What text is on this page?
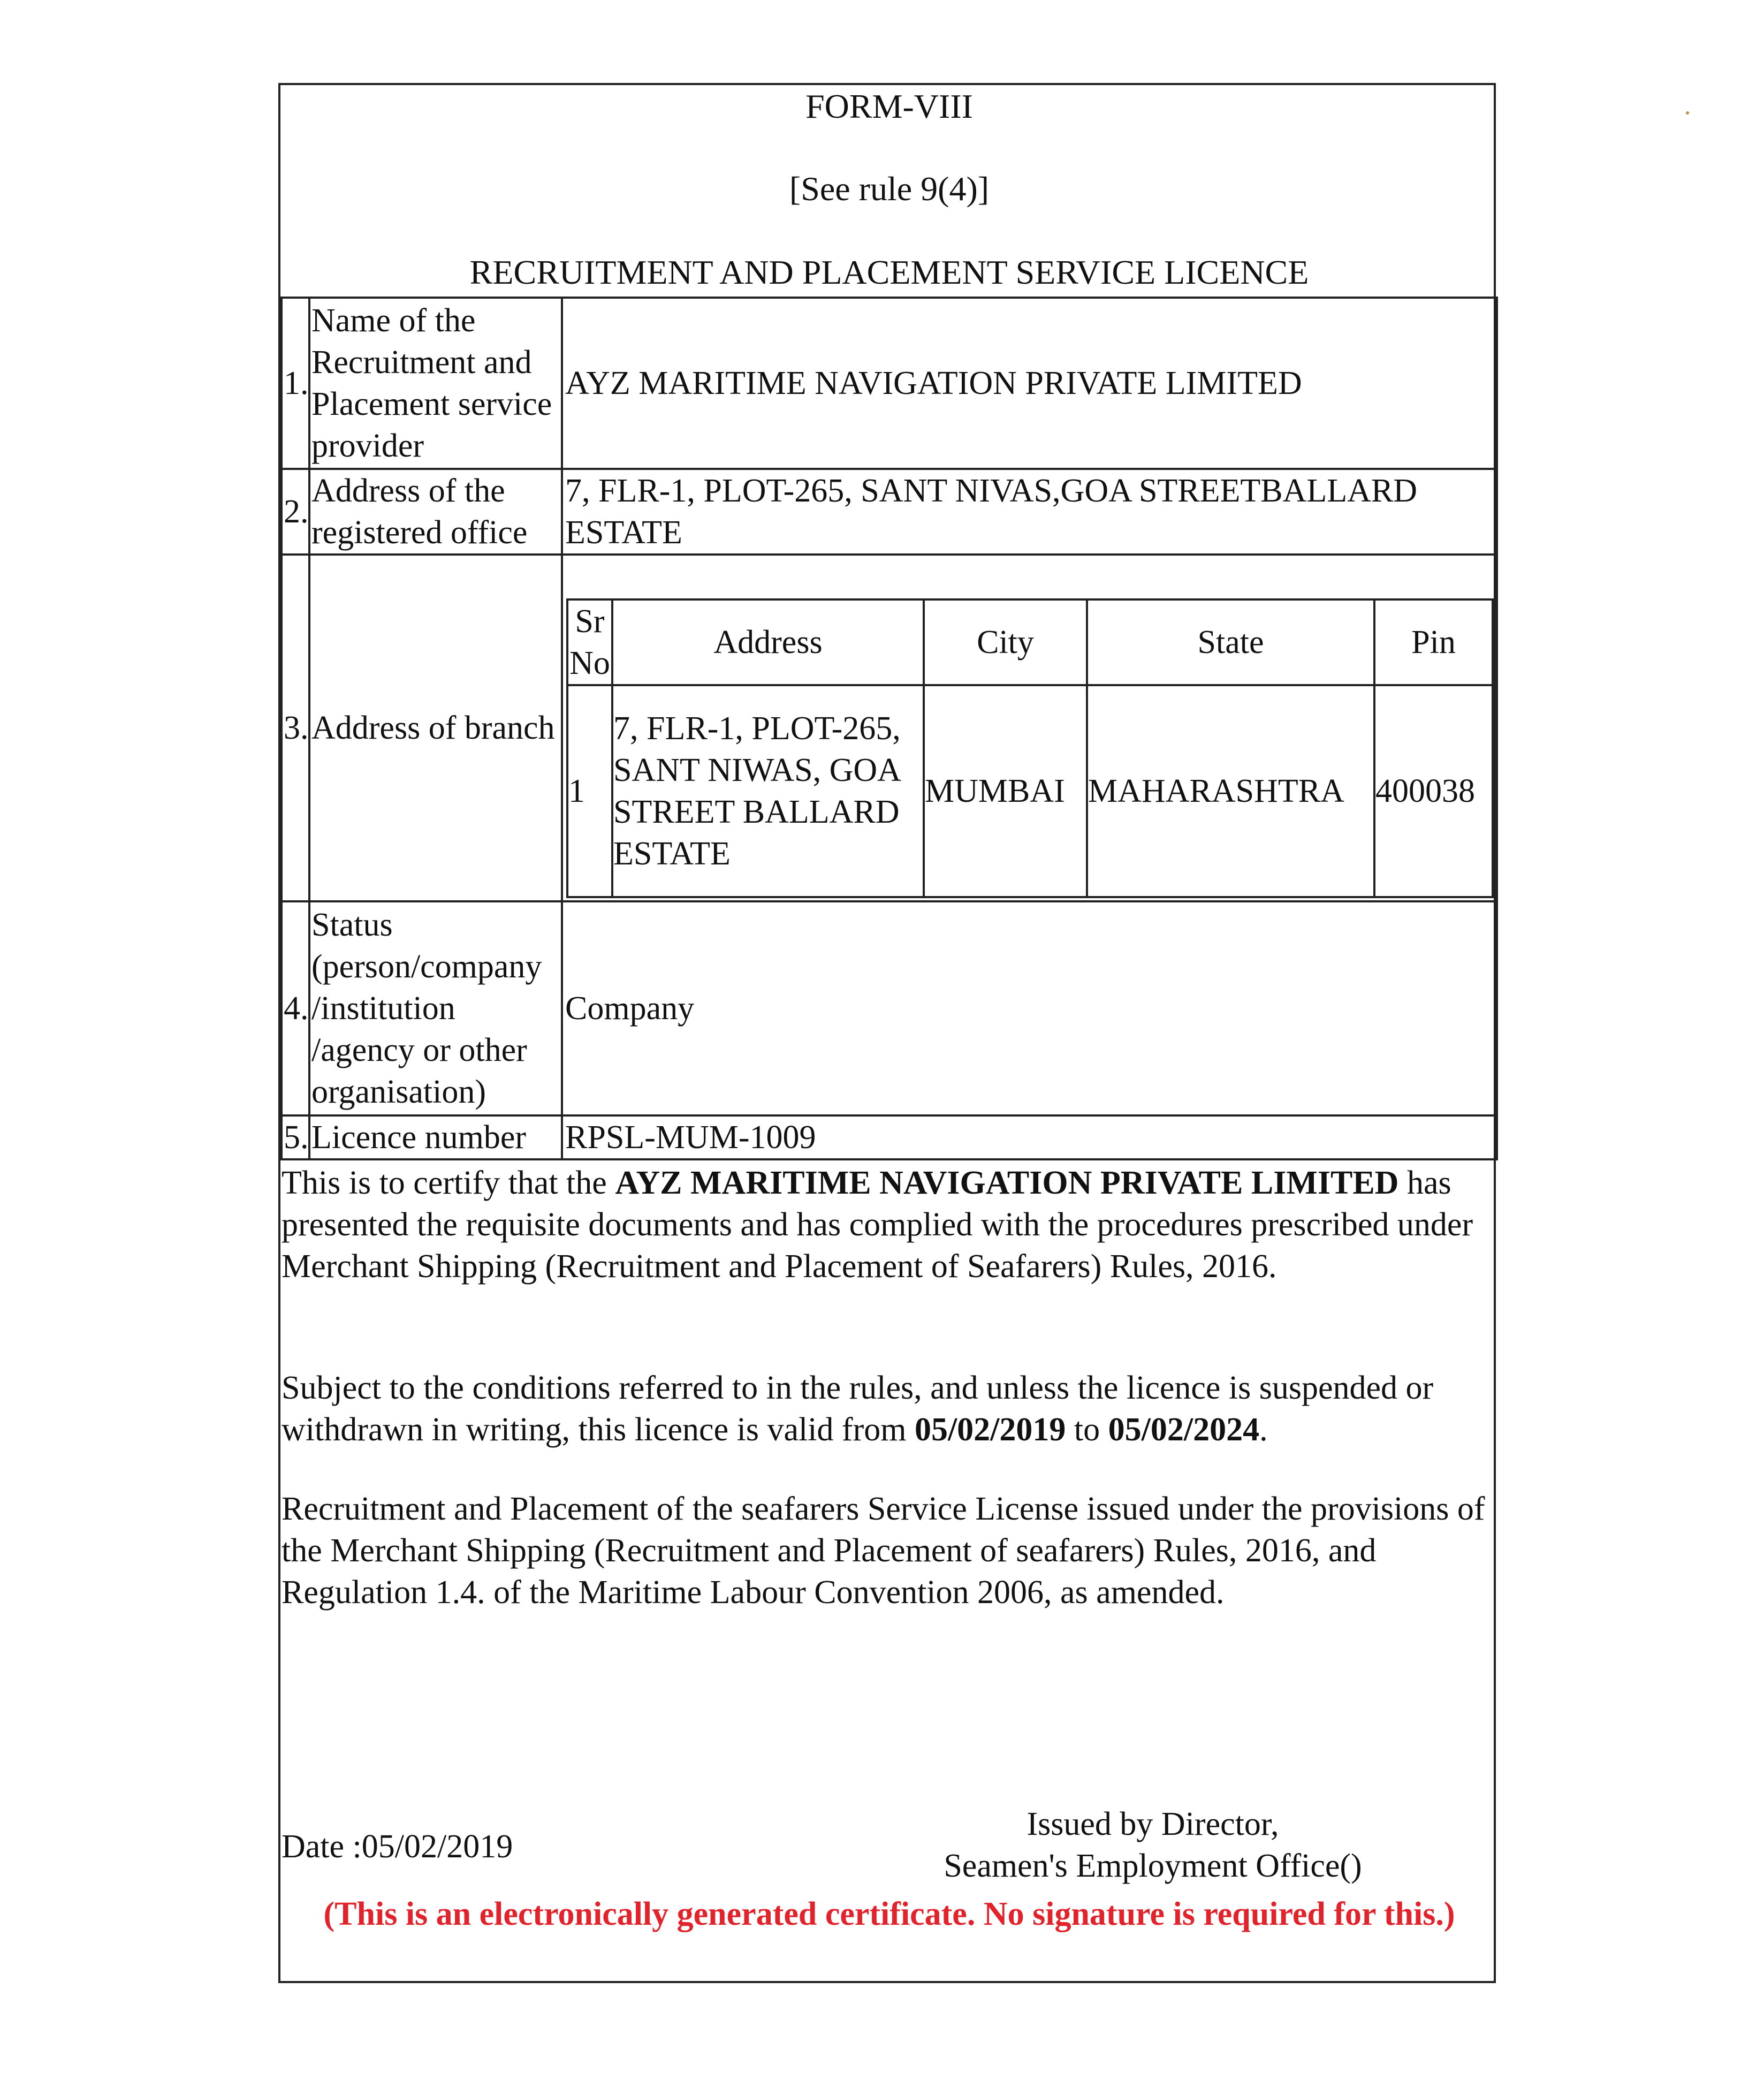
FORM-VIII
[See rule 9(4)]
RECRUITMENT AND PLACEMENT SERVICE LICENCE
1.	Name of the Recruitment and Placement service provider	AYZ MARITIME NAVIGATION PRIVATE LIMITED
2.	Address of the registered office	7, FLR-1, PLOT-265, SANT NIVAS,GOA STREETBALLARD ESTATE
3.	Address of branch	
Sr No	Address	City	State	Pin
1	7, FLR-1, PLOT-265, SANT NIWAS, GOA STREET BALLARD ESTATE	MUMBAI	MAHARASHTRA	400038

4.	Status (person/company /institution /agency or other organisation)	Company
5.	Licence number	RPSL-MUM-1009
This is to certify that the AYZ MARITIME NAVIGATION PRIVATE LIMITED has presented the requisite documents and has complied with the procedures prescribed under Merchant Shipping (Recruitment and Placement of Seafarers) Rules, 2016.
Subject to the conditions referred to in the rules, and unless the licence is suspended or withdrawn in writing, this licence is valid from 05/02/2019 to 05/02/2024.
Recruitment and Placement of the seafarers Service License issued under the provisions of the Merchant Shipping (Recruitment and Placement of seafarers) Rules, 2016, and Regulation 1.4. of the Maritime Labour Convention 2006, as amended.
Date :05/02/2019
Issued by Director,
Seamen's Employment Office()
(This is an electronically generated certificate. No signature is required for this.)
